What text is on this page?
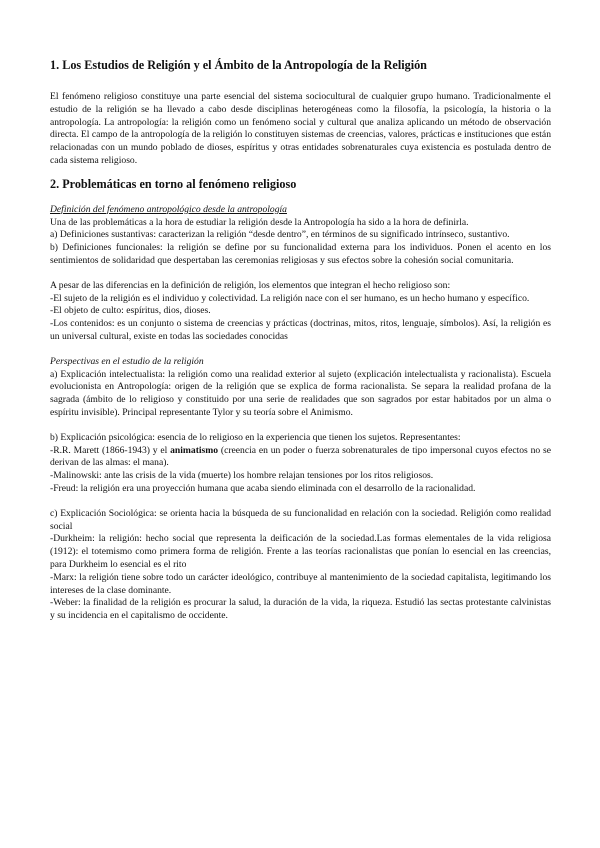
1. Los Estudios de Religión y el Ámbito de la Antropología de la Religión

El fenómeno religioso constituye una parte esencial del sistema sociocultural de cualquier grupo humano. Tradicionalmente el estudio de la religión se ha llevado a cabo desde disciplinas heterogéneas como la filosofía, la psicología, la historia o la antropología. La antropología: la religión como un fenómeno social y cultural que analiza aplicando un método de observación directa. El campo de la antropología de la religión lo constituyen sistemas de creencias, valores, prácticas e instituciones que están relacionadas con un mundo poblado de dioses, espíritus y otras entidades sobrenaturales cuya existencia es postulada dentro de cada sistema religioso.

2. Problemáticas en torno al fenómeno religioso

Definición del fenómeno antropológico desde la antropología

Una de las problemáticas a la hora de estudiar la religión desde la Antropología ha sido a la hora de definirla.

a) Definiciones sustantivas: caracterizan la religión “desde dentro”, en términos de su significado intrínseco, sustantivo.

b) Definiciones funcionales: la religión se define por su funcionalidad externa para los individuos. Ponen el acento en los sentimientos de solidaridad que despertaban las ceremonias religiosas y sus efectos sobre la cohesión social comunitaria.

A pesar de las diferencias en la definición de religión, los elementos que integran el hecho religioso son:

-El sujeto de la religión es el individuo y colectividad. La religión nace con el ser humano, es un hecho humano y específico.

-El objeto de culto: espíritus, dios, dioses.

-Los contenidos: es un conjunto o sistema de creencias y prácticas (doctrinas, mitos, ritos, lenguaje, símbolos). Así, la religión es un universal cultural, existe en todas las sociedades conocidas

Perspectivas en el estudio de la religión

a) Explicación intelectualista: la religión como una realidad exterior al sujeto (explicación intelectualista y racionalista). Escuela evolucionista en Antropología: origen de la religión que se explica de forma racionalista. Se separa la realidad profana de la sagrada (ámbito de lo religioso y constituido por una serie de realidades que son sagrados por estar habitados por un alma o espíritu invisible). Principal representante Tylor y su teoría sobre el Animismo.

b) Explicación psicológica: esencia de lo religioso en la experiencia que tienen los sujetos. Representantes:

-R.R. Marett (1866-1943) y el animatismo (creencia en un poder o fuerza sobrenaturales de tipo impersonal cuyos efectos no se derivan de las almas: el mana).

-Malinowski: ante las crisis de la vida (muerte) los hombre relajan tensiones por los ritos religiosos.

-Freud: la religión era una proyección humana que acaba siendo eliminada con el desarrollo de la racionalidad.

c) Explicación Sociológica: se orienta hacia la búsqueda de su funcionalidad en relación con la sociedad. Religión como realidad social

-Durkheim: la religión: hecho social que representa la deificación de la sociedad.Las formas elementales de la vida religiosa (1912): el totemismo como primera forma de religión. Frente a las teorías racionalistas que ponían lo esencial en las creencias, para Durkheim lo esencial es el rito

-Marx: la religión tiene sobre todo un carácter ideológico, contribuye al mantenimiento de la sociedad capitalista, legitimando los intereses de la clase dominante.

-Weber: la finalidad de la religión es procurar la salud, la duración de la vida, la riqueza. Estudió las sectas protestante calvinistas y su incidencia en el capitalismo de occidente.
